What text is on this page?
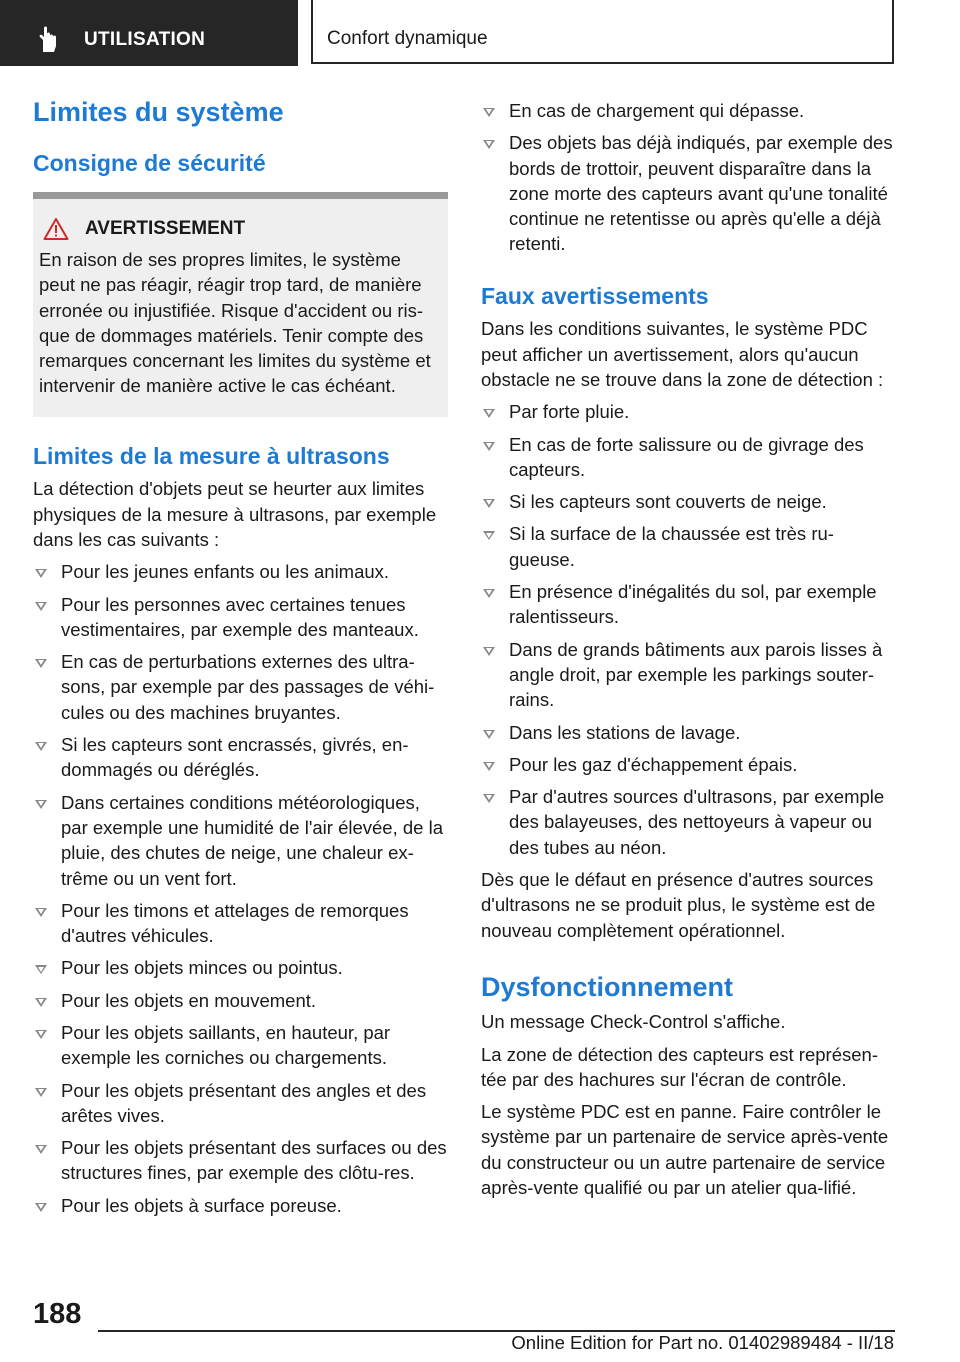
UTILISATION	Confort dynamique
Limites du système
Consigne de sécurité
AVERTISSEMENT

En raison de ses propres limites, le système peut ne pas réagir, réagir trop tard, de manière erronée ou injustifiée. Risque d'accident ou ris-que de dommages matériels. Tenir compte des remarques concernant les limites du système et intervenir de manière active le cas échéant.

Limites de la mesure à ultrasons

La détection d'objets peut se heurter aux limites physiques de la mesure à ultrasons, par exemple dans les cas suivants :

Pour les jeunes enfants ou les animaux.
Pour les personnes avec certaines tenues vestimentaires, par exemple des manteaux.
En cas de perturbations externes des ultra-sons, par exemple par des passages de véhi-cules ou des machines bruyantes.
Si les capteurs sont encrassés, givrés, en-dommagés ou déréglés.
Dans certaines conditions météorologiques, par exemple une humidité de l'air élevée, de la pluie, des chutes de neige, une chaleur ex-trême ou un vent fort.
Pour les timons et attelages de remorques d'autres véhicules.
Pour les objets minces ou pointus.
Pour les objets en mouvement.
Pour les objets saillants, en hauteur, par exemple les corniches ou chargements.
Pour les objets présentant des angles et des arêtes vives.
Pour les objets présentant des surfaces ou des structures fines, par exemple des clôtu-res.
Pour les objets à surface poreuse.
En cas de chargement qui dépasse.
Des objets bas déjà indiqués, par exemple des bords de trottoir, peuvent disparaître dans la zone morte des capteurs avant qu'une tonalité continue ne retentisse ou après qu'elle a déjà retenti.
Faux avertissements

Dans les conditions suivantes, le système PDC peut afficher un avertissement, alors qu'aucun obstacle ne se trouve dans la zone de détection :

Par forte pluie.
En cas de forte salissure ou de givrage des capteurs.
Si les capteurs sont couverts de neige.
Si la surface de la chaussée est très ru-gueuse.
En présence d'inégalités du sol, par exemple ralentisseurs.
Dans de grands bâtiments aux parois lisses à angle droit, par exemple les parkings souter-rains.
Dans les stations de lavage.
Pour les gaz d'échappement épais.
Par d'autres sources d'ultrasons, par exemple des balayeuses, des nettoyeurs à vapeur ou des tubes au néon.

Dès que le défaut en présence d'autres sources d'ultrasons ne se produit plus, le système est de nouveau complètement opérationnel.

Dysfonctionnement

Un message Check-Control s'affiche.

La zone de détection des capteurs est représen-tée par des hachures sur l'écran de contrôle.

Le système PDC est en panne. Faire contrôler le système par un partenaire de service après-vente du constructeur ou un autre partenaire de service après-vente qualifié ou par un atelier qua-lifié.

188
Online Edition for Part no. 01402989484 - II/18
